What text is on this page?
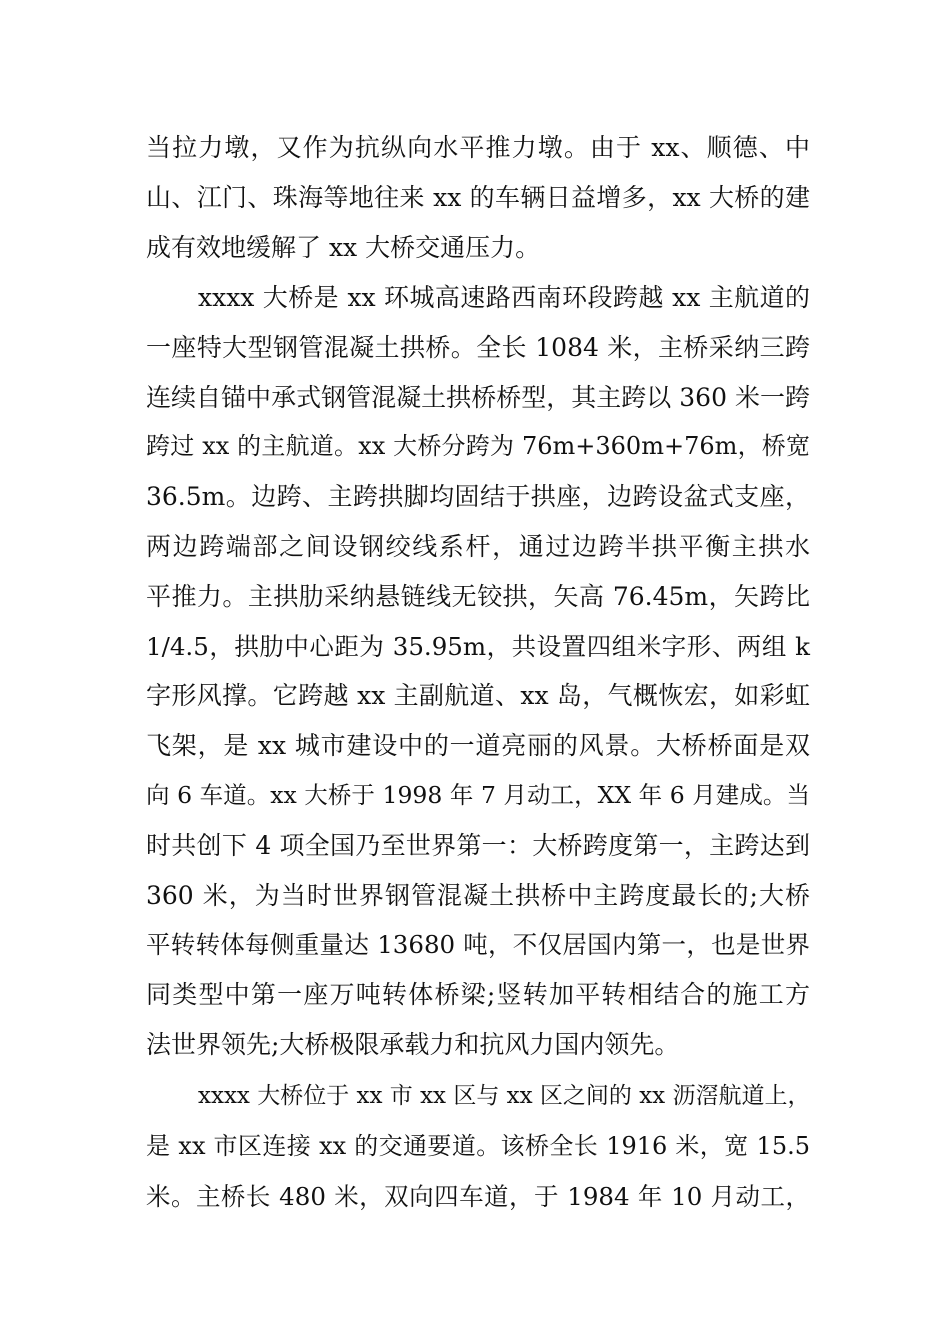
当拉力墩，又作为抗纵向水平推力墩。由于 xx、顺德、中
山、江门、珠海等地往来 xx 的车辆日益增多，xx 大桥的建
成有效地缓解了 xx 大桥交通压力。
xxxx 大桥是 xx 环城高速路西南环段跨越 xx 主航道的
一座特大型钢管混凝土拱桥。全长 1084 米，主桥采纳三跨
连续自锚中承式钢管混凝土拱桥桥型，其主跨以 360 米一跨
跨过 xx 的主航道。xx 大桥分跨为 76m+360m+76m，桥宽
36.5m。边跨、主跨拱脚均固结于拱座，边跨设盆式支座，
两边跨端部之间设钢绞线系杆，通过边跨半拱平衡主拱水
平推力。主拱肋采纳悬链线无铰拱，矢高 76.45m，矢跨比
1/4.5，拱肋中心距为 35.95m，共设置四组米字形、两组 k
字形风撑。它跨越 xx 主副航道、xx 岛，气概恢宏，如彩虹
飞架，是 xx 城市建设中的一道亮丽的风景。大桥桥面是双
向 6 车道。xx 大桥于 1998 年 7 月动工，XX 年 6 月建成。当
时共创下 4 项全国乃至世界第一：大桥跨度第一，主跨达到
360 米，为当时世界钢管混凝土拱桥中主跨度最长的;大桥
平转转体每侧重量达 13680 吨，不仅居国内第一，也是世界
同类型中第一座万吨转体桥梁;竖转加平转相结合的施工方
法世界领先;大桥极限承载力和抗风力国内领先。
xxxx 大桥位于 xx 市 xx 区与 xx 区之间的 xx 沥滘航道上，
是 xx 市区连接 xx 的交通要道。该桥全长 1916 米，宽 15.5
米。主桥长 480 米，双向四车道，于 1984 年 10 月动工，
